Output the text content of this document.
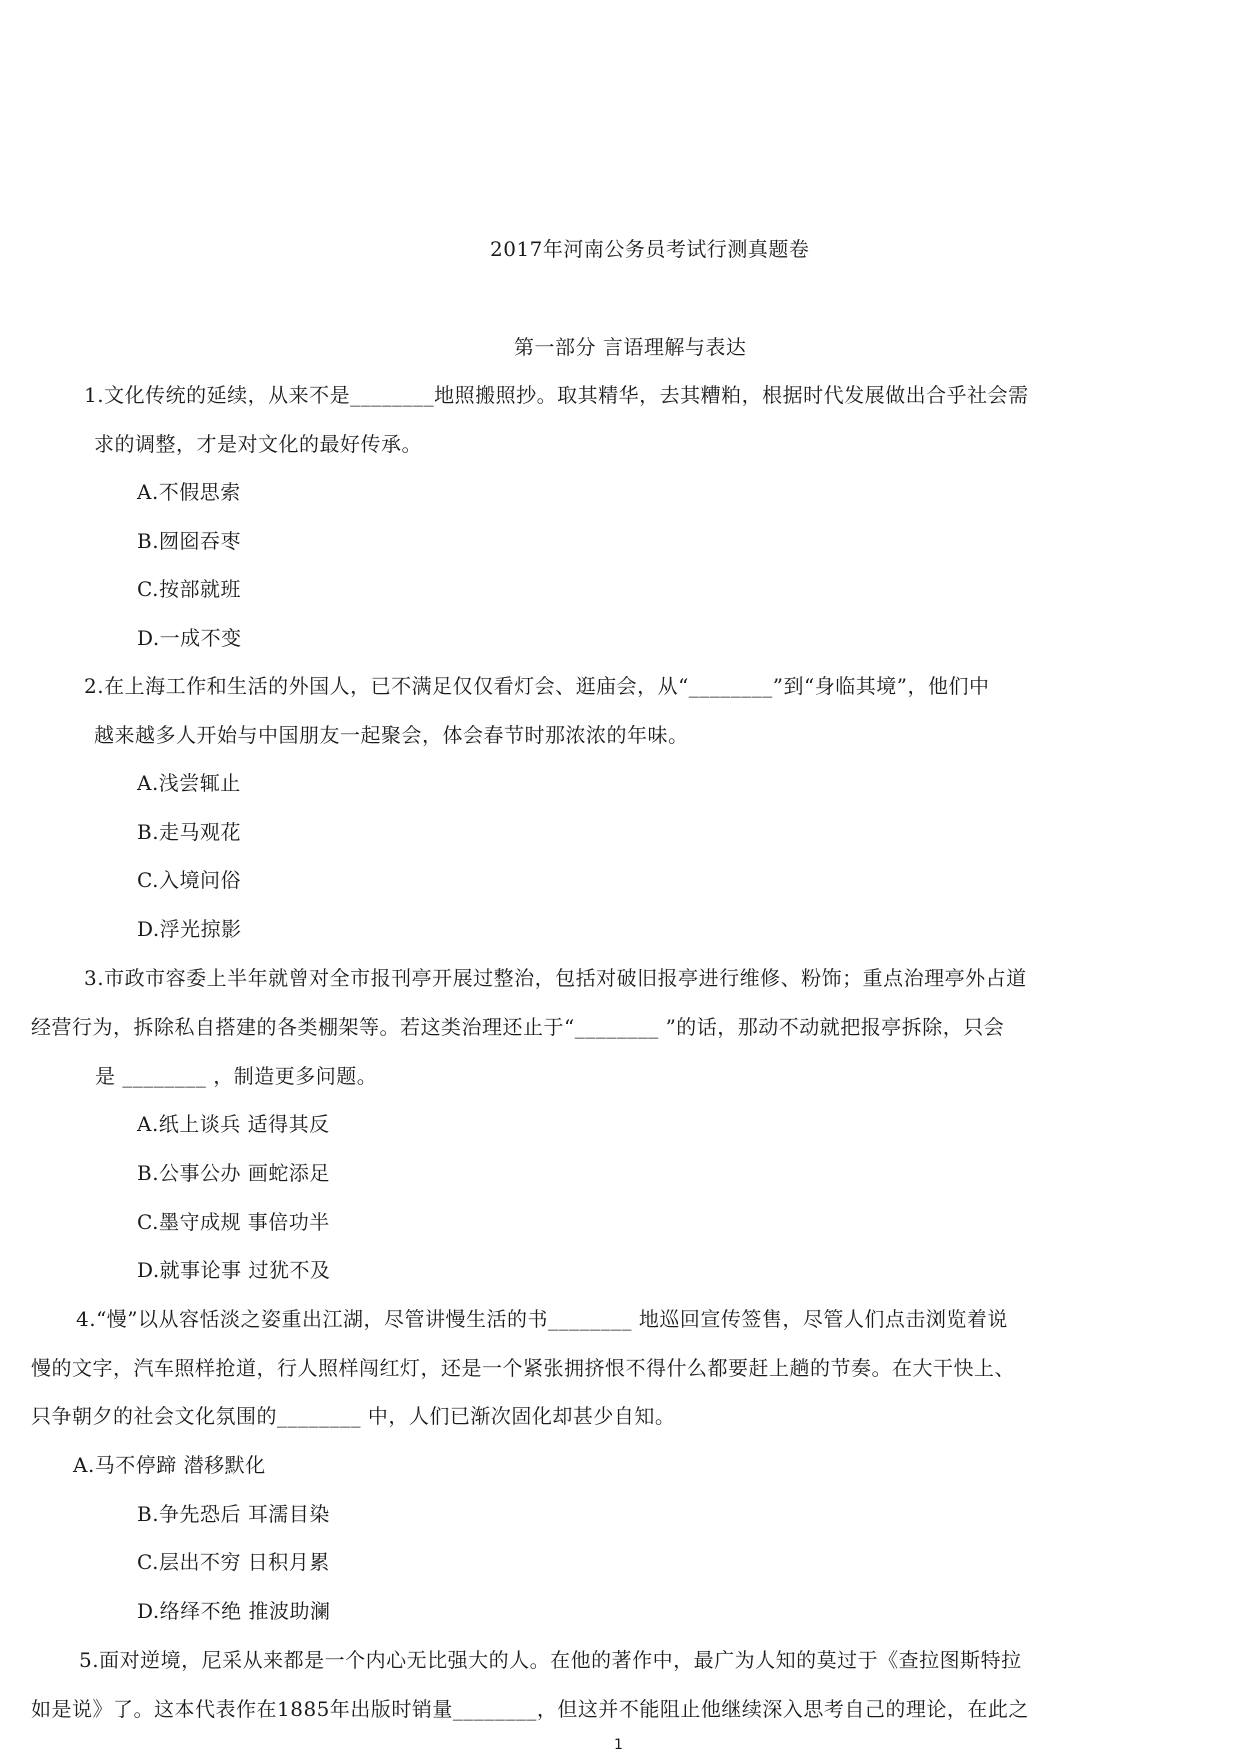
2017年河南公务员考试行测真题卷
第一部分 言语理解与表达
1.文化传统的延续，从来不是________地照搬照抄。取其精华，去其糟粕，根据时代发展做出合乎社会需
求的调整，才是对文化的最好传承。
A.不假思索
B.囫囵吞枣
C.按部就班
D.一成不变
2.在上海工作和生活的外国人，已不满足仅仅看灯会、逛庙会，从“________”到“身临其境”，他们中
越来越多人开始与中国朋友一起聚会，体会春节时那浓浓的年味。
A.浅尝辄止
B.走马观花
C.入境问俗
D.浮光掠影
3.市政市容委上半年就曾对全市报刊亭开展过整治，包括对破旧报亭进行维修、粉饰；重点治理亭外占道
经营行为，拆除私自搭建的各类棚架等。若这类治理还止于“________ ”的话，那动不动就把报亭拆除，只会
是 ________ ，制造更多问题。
A.纸上谈兵 适得其反
B.公事公办 画蛇添足
C.墨守成规 事倍功半
D.就事论事 过犹不及
4.“慢”以从容恬淡之姿重出江湖，尽管讲慢生活的书________ 地巡回宣传签售，尽管人们点击浏览着说
慢的文字，汽车照样抢道，行人照样闯红灯，还是一个紧张拥挤恨不得什么都要赶上趟的节奏。在大干快上、
只争朝夕的社会文化氛围的________ 中，人们已渐次固化却甚少自知。
A.马不停蹄 潜移默化
B.争先恐后 耳濡目染
C.层出不穷 日积月累
D.络绎不绝 推波助澜
5.面对逆境，尼采从来都是一个内心无比强大的人。在他的著作中，最广为人知的莫过于《查拉图斯特拉
如是说》了。这本代表作在1885年出版时销量________，但这并不能阻止他继续深入思考自己的理论，在此之
1
